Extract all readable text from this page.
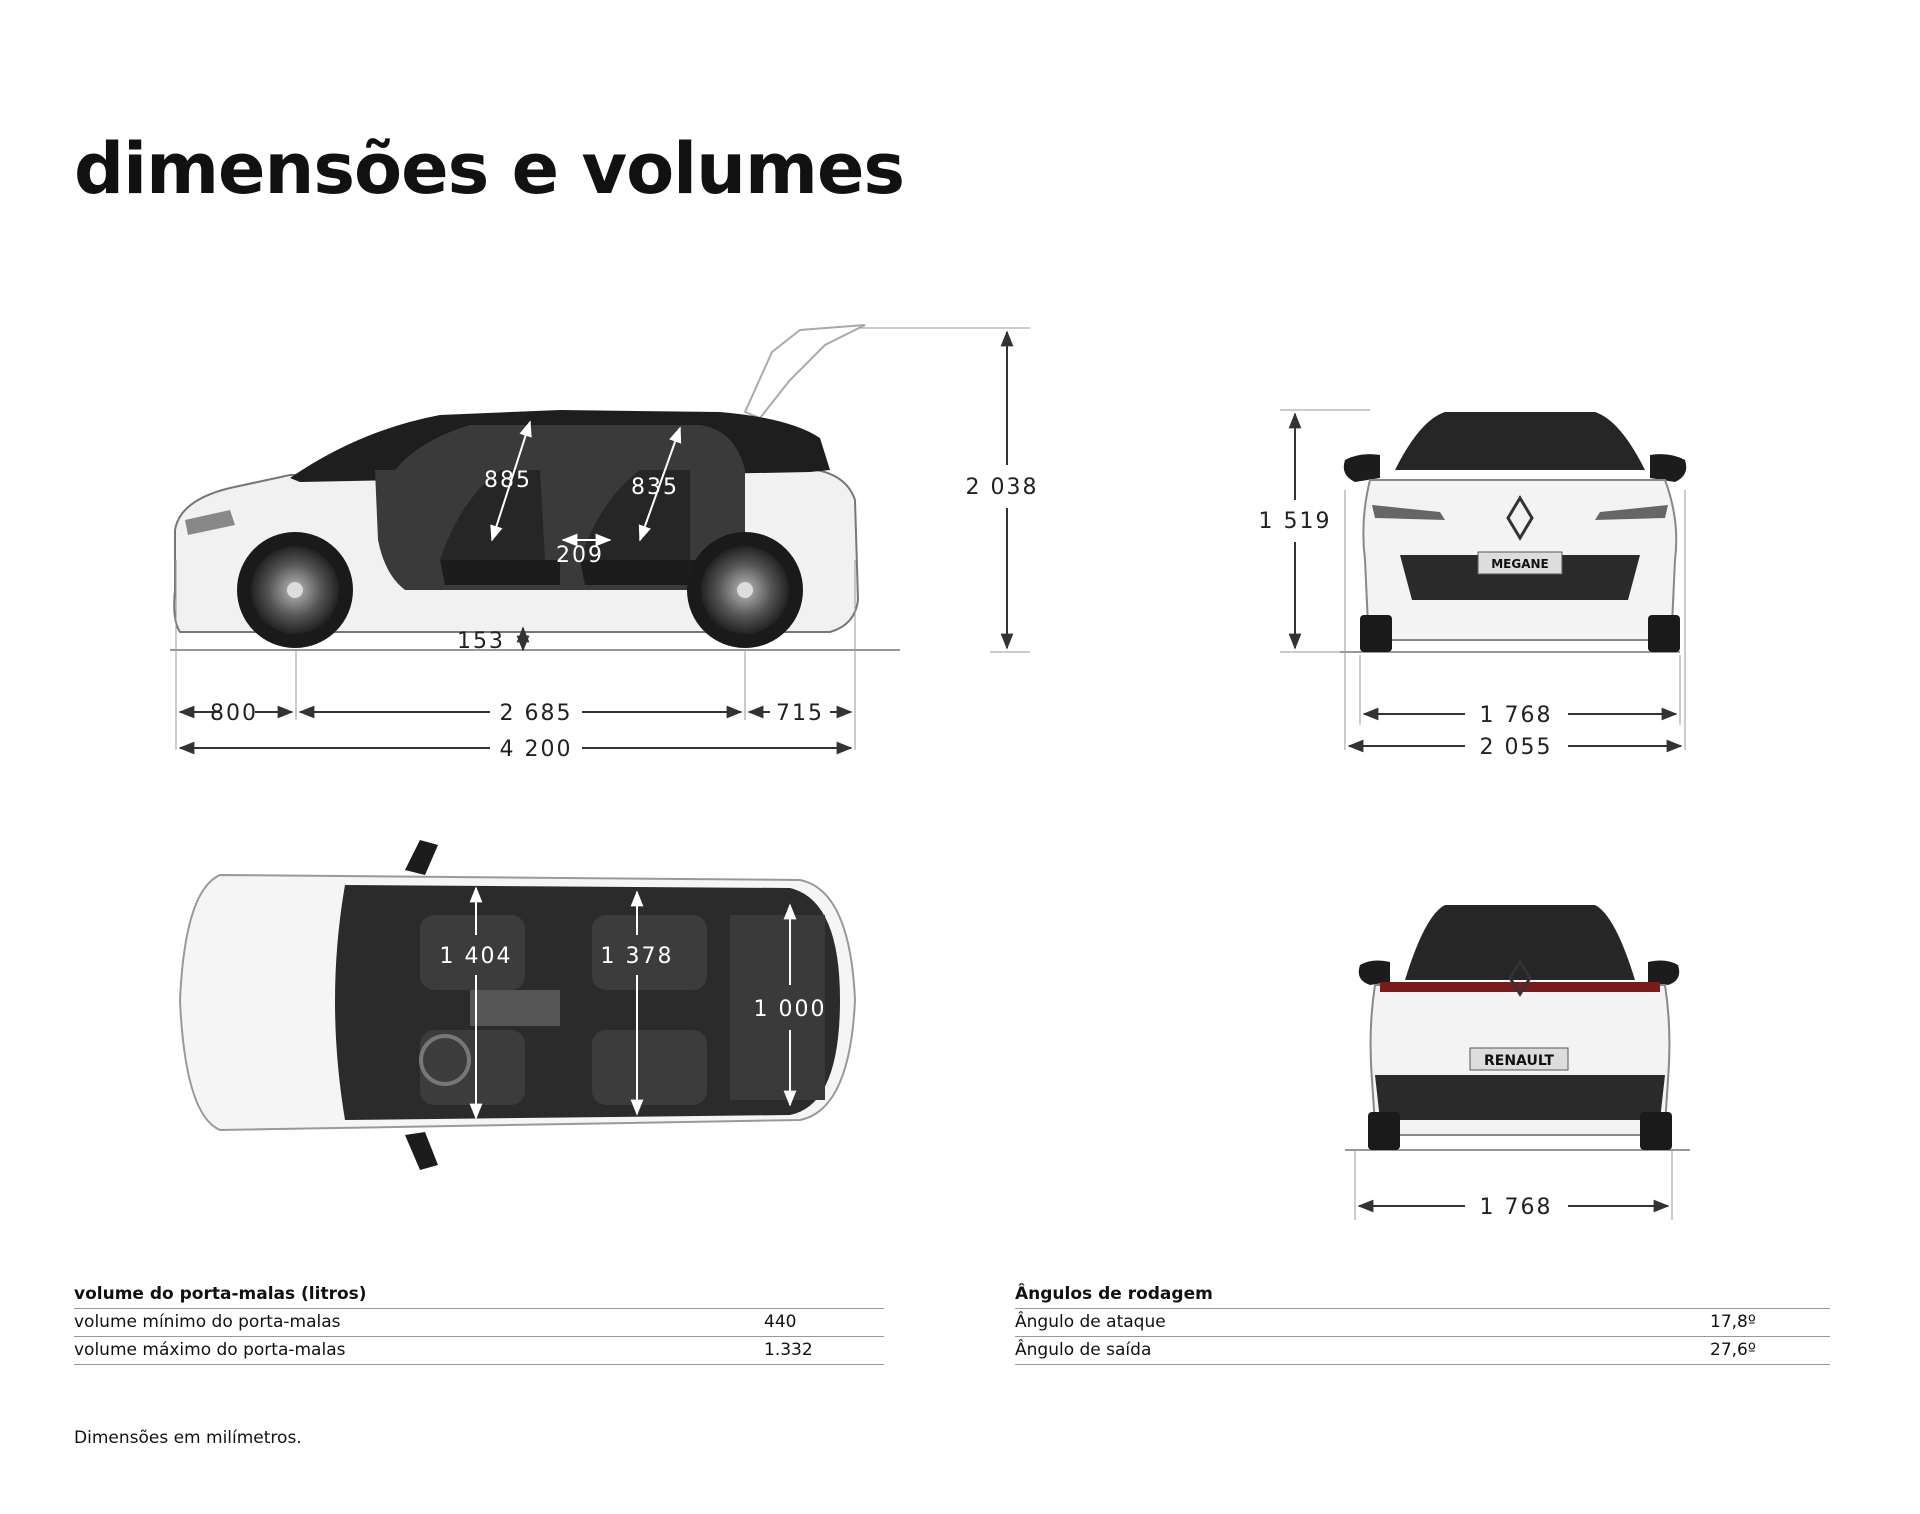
dimensões e volumes
800	2 685	715
4 200
2 038
153
885	835
209	MEGANE
1 519
1 768
2 055
1 404	1 378
1 000
RENAULT
1 768
volume do porta-malas (litros)
volume mínimo do porta-malas	440
volume máximo do porta-malas	1.332
Ângulos de rodagem
Ângulo de ataque	17,8º
Ângulo de saída	27,6º
Dimensões em milímetros.
